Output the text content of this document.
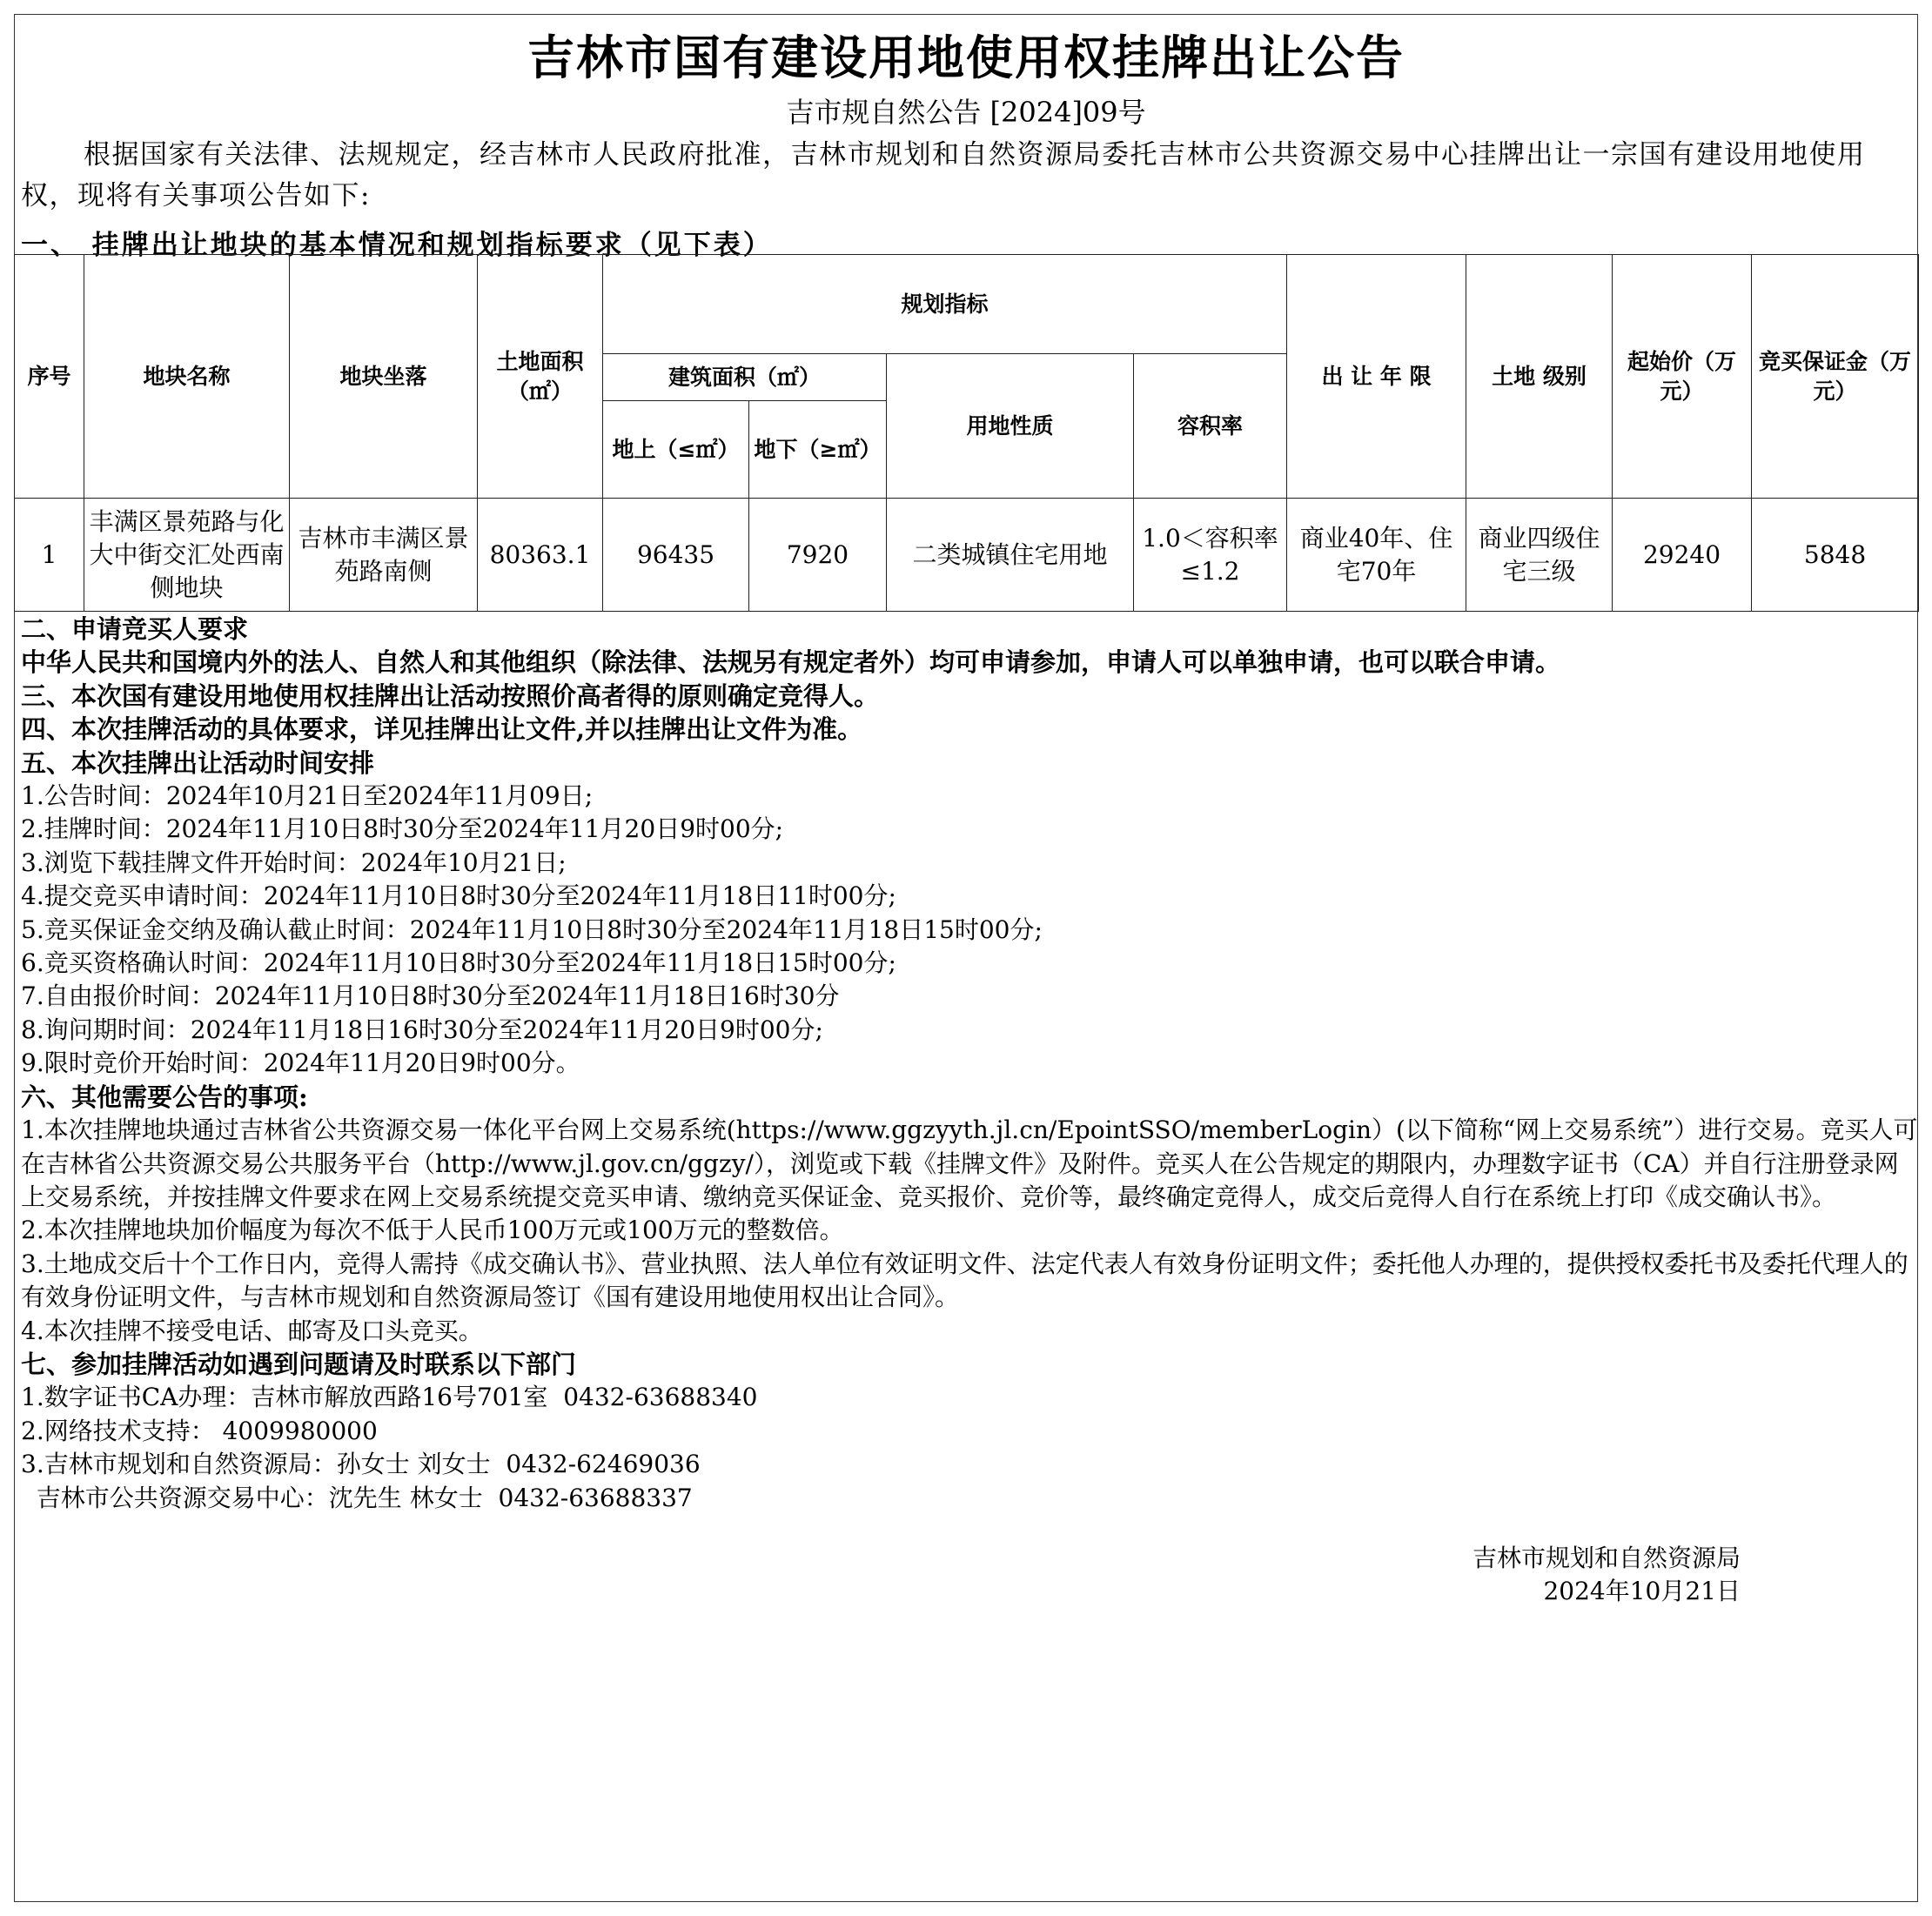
吉林市国有建设用地使用权挂牌出让公告
吉市规自然公告 [2024]09号
根据国家有关法律、法规规定，经吉林市人民政府批准，吉林市规划和自然资源局委托吉林市公共资源交易中心挂牌出让一宗国有建设用地使用权，现将有关事项公告如下:
一、 挂牌出让地块的基本情况和规划指标要求（见下表）
序号	地块名称	地块坐落	土地面积（㎡）	规划指标				出 让 年 限	土地 级别	起始价（万元）	竞买保证金（万元）
				建筑面积（㎡）		用地性质	容积率				
				地上（≤㎡）	地下（≥㎡）						
1	丰满区景苑路与化大中街交汇处西南侧地块	吉林市丰满区景苑路南侧	80363.1	96435	7920	二类城镇住宅用地	1.0＜容积率≤1.2	商业40年、住宅70年	商业四级住宅三级	29240	5848
二、申请竞买人要求
中华人民共和国境内外的法人、自然人和其他组织（除法律、法规另有规定者外）均可申请参加，申请人可以单独申请，也可以联合申请。
三、本次国有建设用地使用权挂牌出让活动按照价高者得的原则确定竞得人。
四、本次挂牌活动的具体要求，详见挂牌出让文件,并以挂牌出让文件为准。
五、本次挂牌出让活动时间安排
1.公告时间：2024年10月21日至2024年11月09日;
2.挂牌时间：2024年11月10日8时30分至2024年11月20日9时00分;
3.浏览下载挂牌文件开始时间：2024年10月21日;
4.提交竞买申请时间：2024年11月10日8时30分至2024年11月18日11时00分;
5.竞买保证金交纳及确认截止时间：2024年11月10日8时30分至2024年11月18日15时00分;
6.竞买资格确认时间：2024年11月10日8时30分至2024年11月18日15时00分;
7.自由报价时间：2024年11月10日8时30分至2024年11月18日16时30分
8.询问期时间：2024年11月18日16时30分至2024年11月20日9时00分;
9.限时竞价开始时间：2024年11月20日9时00分。
六、其他需要公告的事项:
1.本次挂牌地块通过吉林省公共资源交易一体化平台网上交易系统(https://www.ggzyyth.jl.cn/EpointSSO/memberLogin）(以下简称“网上交易系统”）进行交易。竞买人可在吉林省公共资源交易公共服务平台（http://www.jl.gov.cn/ggzy/），浏览或下载《挂牌文件》及附件。竞买人在公告规定的期限内，办理数字证书（CA）并自行注册登录网上交易系统，并按挂牌文件要求在网上交易系统提交竞买申请、缴纳竞买保证金、竞买报价、竞价等，最终确定竞得人，成交后竞得人自行在系统上打印《成交确认书》。
2.本次挂牌地块加价幅度为每次不低于人民币100万元或100万元的整数倍。
3.土地成交后十个工作日内，竞得人需持《成交确认书》、营业执照、法人单位有效证明文件、法定代表人有效身份证明文件；委托他人办理的，提供授权委托书及委托代理人的有效身份证明文件，与吉林市规划和自然资源局签订《国有建设用地使用权出让合同》。
4.本次挂牌不接受电话、邮寄及口头竞买。
七、参加挂牌活动如遇到问题请及时联系以下部门
1.数字证书CA办理：吉林市解放西路16号701室  0432-63688340
2.网络技术支持： 4009980000
3.吉林市规划和自然资源局：孙女士 刘女士  0432-62469036
吉林市公共资源交易中心：沈先生 林女士  0432-63688337
吉林市规划和自然资源局
2024年10月21日
